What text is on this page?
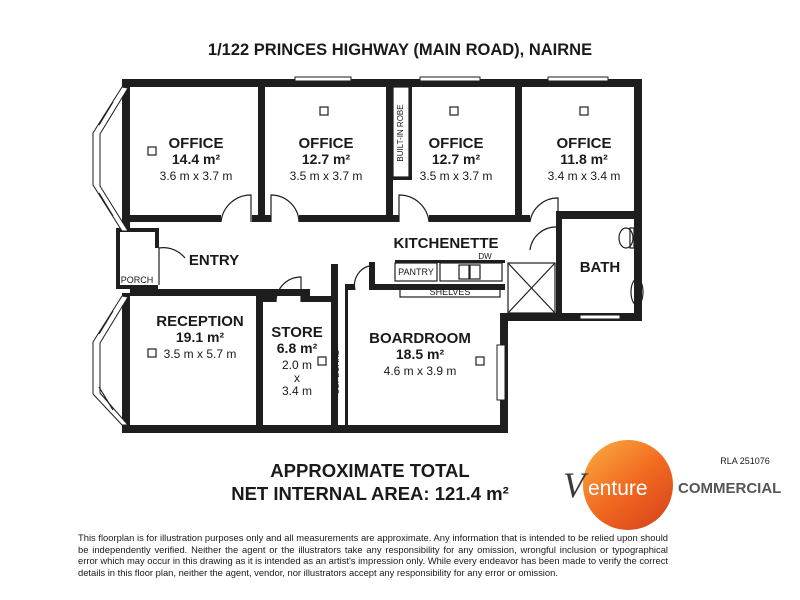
1/122 PRINCES HIGHWAY (MAIN ROAD), NAIRNE
OFFICE
14.4 m²
3.6 m x 3.7 m
OFFICE
12.7 m²
3.5 m x 3.7 m
OFFICE
12.7 m²
3.5 m x 3.7 m
OFFICE
11.8 m²
3.4 m x 3.4 m
RECEPTION
19.1 m²
3.5 m x 5.7 m
STORE
6.8 m²
2.0 m
x
3.4 m
BOARDROOM
18.5 m²
4.6 m x 3.9 m
ENTRY
KITCHENETTE
BATH
PORCH
PANTRY
SHELVES
DW
CUPBOARD
BUILT-IN ROBE
APPROXIMATE TOTAL
NET INTERNAL AREA: 121.4 m²
RLA 251076
V enture COMMERCIAL
This floorplan is for illustration purposes only and all measurements are approximate. Any information that is intended to be relied upon should be independently verified. Neither the agent or the illustrators take any responsibility for any omission, wrongful inclusion or typographical error which may occur in this drawing as it is intended as an artist's impression only. While every endeavor has been made to verify the correct details in this floor plan, neither the agent, vendor, nor illustrators accept any responsibility for any error or omission.
